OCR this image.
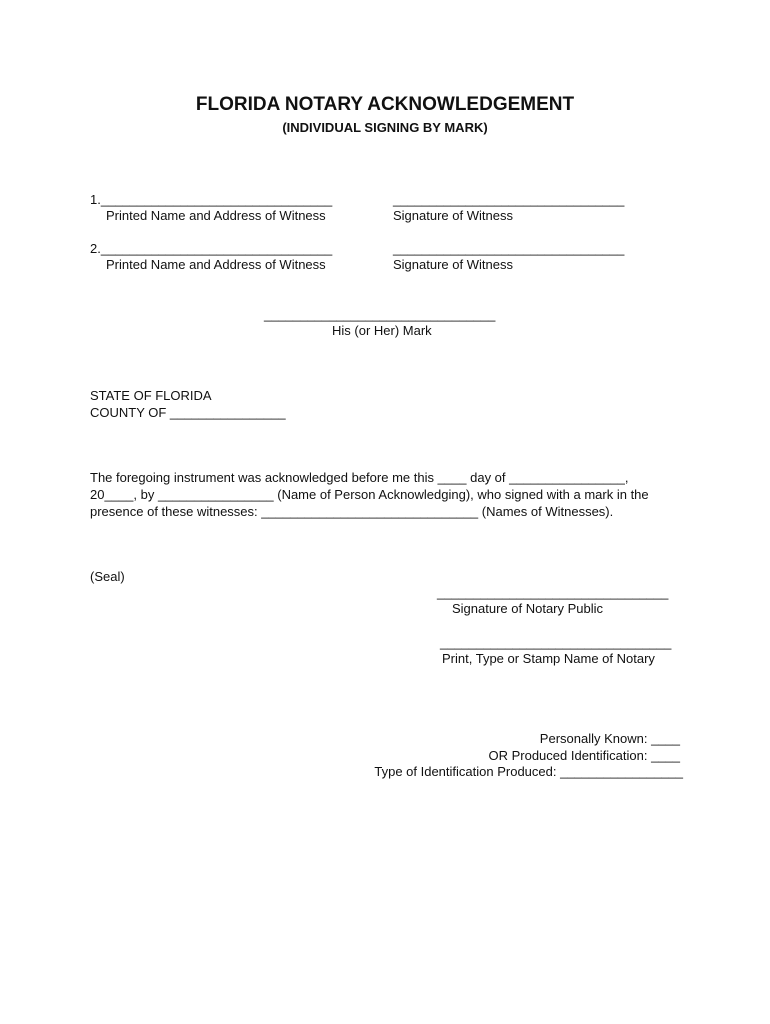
FLORIDA NOTARY ACKNOWLEDGEMENT
(INDIVIDUAL SIGNING BY MARK)
1.________________________________	________________________________
Printed Name and Address of Witness	Signature of Witness
2.________________________________	________________________________
Printed Name and Address of Witness	Signature of Witness
________________________________
His (or Her) Mark
STATE OF FLORIDA
COUNTY OF ________________
The foregoing instrument was acknowledged before me this ____ day of ________________,
20____, by ________________ (Name of Person Acknowledging), who signed with a mark in the
presence of these witnesses: ______________________________ (Names of Witnesses).
(Seal)
________________________________
Signature of Notary Public
________________________________
Print, Type or Stamp Name of Notary
Personally Known: ____
OR Produced Identification: ____
Type of Identification Produced: _________________
